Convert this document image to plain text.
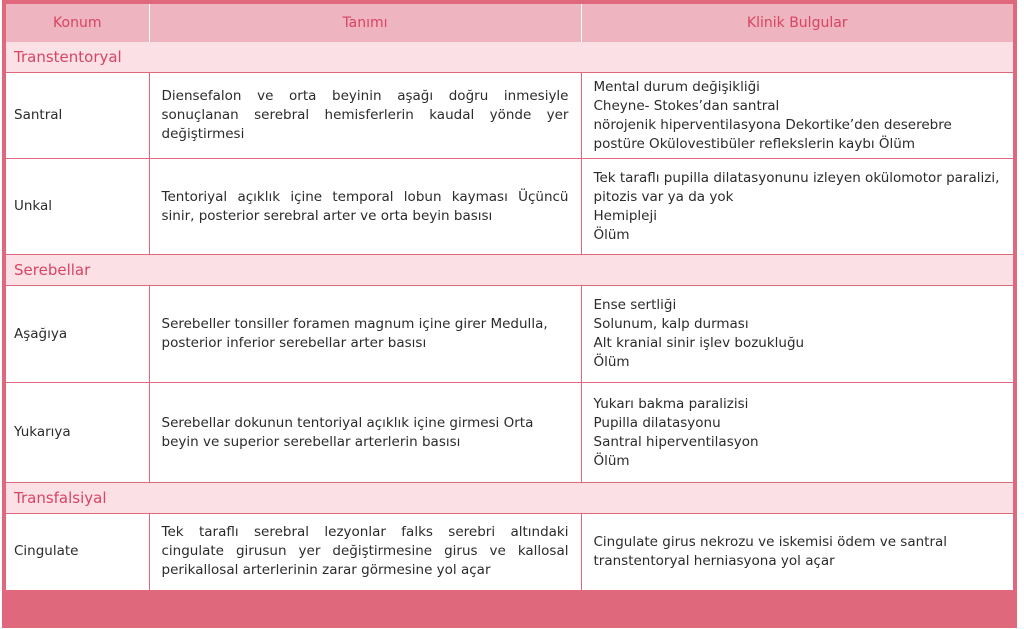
Konum	Tanımı	Klinik Bulgular
Transtentoryal		
Santral	Diensefalon ve orta beyinin aşağı doğru inmesiyle sonuçlanan serebral hemisferlerin kaudal yönde yer değiştirmesi	Mental durum değişikliği
Cheyne- Stokes’dan santral
nörojenik hiperventilasyona Dekortike’den deserebre postüre Okülovestibüler reflekslerin kaybı Ölüm

Unkal	Tentoriyal açıklık içine temporal lobun kayması Üçüncü sinir, posterior serebral arter ve orta beyin basısı	Tek taraflı pupilla dilatasyonunu izleyen okülomotor paralizi, pitozis var ya da yok
Hemipleji
Ölüm

Serebellar		
Aşağıya	Serebeller tonsiller foramen magnum içine girer Medulla, posterior inferior serebellar arter basısı	Ense sertliği
Solunum, kalp durması
Alt kranial sinir işlev bozukluğu
Ölüm

Yukarıya	Serebellar dokunun tentoriyal açıklık içine girmesi Orta beyin ve superior serebellar arterlerin basısı	Yukarı bakma paralizisi
Pupilla dilatasyonu
Santral hiperventilasyon
Ölüm

Transfalsiyal		
Cingulate	Tek taraflı serebral lezyonlar falks serebri altındaki cingulate girusun yer değiştirmesine girus ve kallosal perikallosal arterlerinin zarar görmesine yol açar	Cingulate girus nekrozu ve iskemisi ödem ve santral transtentoryal herniasyona yol açar
